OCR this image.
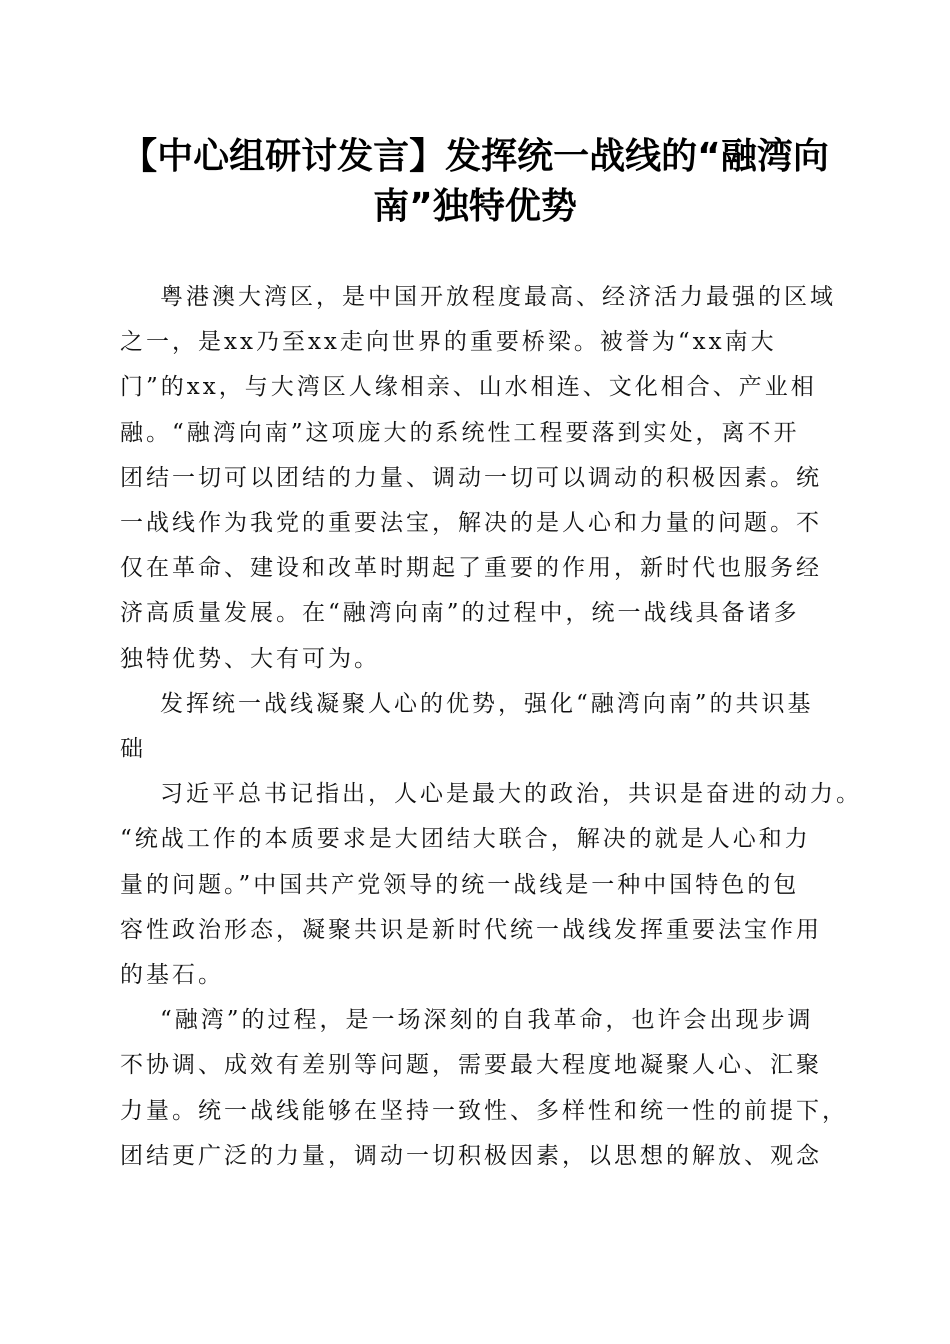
【中心组研讨发言】发挥统一战线的“融湾向
南”独特优势

粤港澳大湾区，是中国开放程度最高、经济活力最强的区域
之一，是xx乃至xx走向世界的重要桥梁。被誉为“xx南大
门”的xx，与大湾区人缘相亲、山水相连、文化相合、产业相
融。“融湾向南”这项庞大的系统性工程要落到实处，离不开
团结一切可以团结的力量、调动一切可以调动的积极因素。统
一战线作为我党的重要法宝，解决的是人心和力量的问题。不
仅在革命、建设和改革时期起了重要的作用，新时代也服务经
济高质量发展。在“融湾向南”的过程中，统一战线具备诸多
独特优势、大有可为。

发挥统一战线凝聚人心的优势，强化“融湾向南”的共识基
础

习近平总书记指出，人心是最大的政治，共识是奋进的动力。
“统战工作的本质要求是大团结大联合，解决的就是人心和力
量的问题。”中国共产党领导的统一战线是一种中国特色的包
容性政治形态，凝聚共识是新时代统一战线发挥重要法宝作用
的基石。

“融湾”的过程，是一场深刻的自我革命，也许会出现步调
不协调、成效有差别等问题，需要最大程度地凝聚人心、汇聚
力量。统一战线能够在坚持一致性、多样性和统一性的前提下，
团结更广泛的力量，调动一切积极因素，以思想的解放、观念
